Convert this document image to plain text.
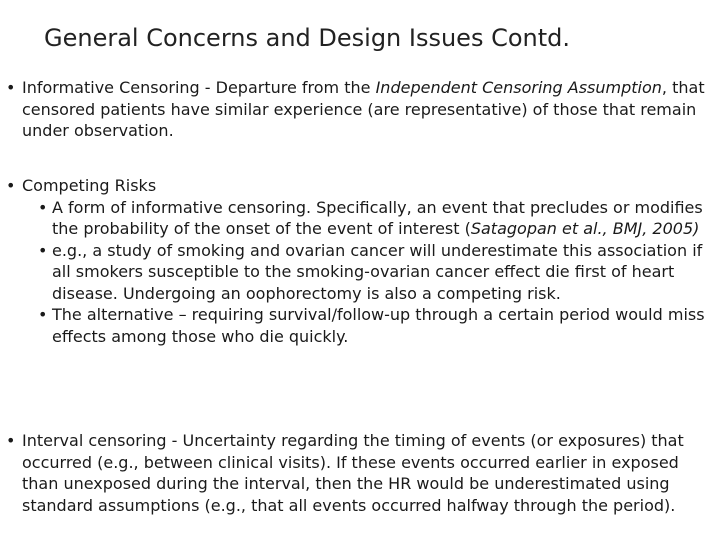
General Concerns and Design Issues Contd.
• Informative Censoring - Departure from the Independent Censoring Assumption, that censored patients have similar experience (are representative) of those that remain under observation.
• Competing Risks
• A form of informative censoring. Specifically, an event that precludes or modifies the probability of the onset of the event of interest (Satagopan et al., BMJ, 2005)
• e.g., a study of smoking and ovarian cancer will underestimate this association if all smokers susceptible to the smoking-ovarian cancer effect die first of heart disease. Undergoing an oophorectomy is also a competing risk.
• The alternative – requiring survival/follow-up through a certain period would miss effects among those who die quickly.
• Interval censoring - Uncertainty regarding the timing of events (or exposures) that occurred (e.g., between clinical visits). If these events occurred earlier in exposed than unexposed during the interval, then the HR would be underestimated using standard assumptions (e.g., that all events occurred halfway through the period).
